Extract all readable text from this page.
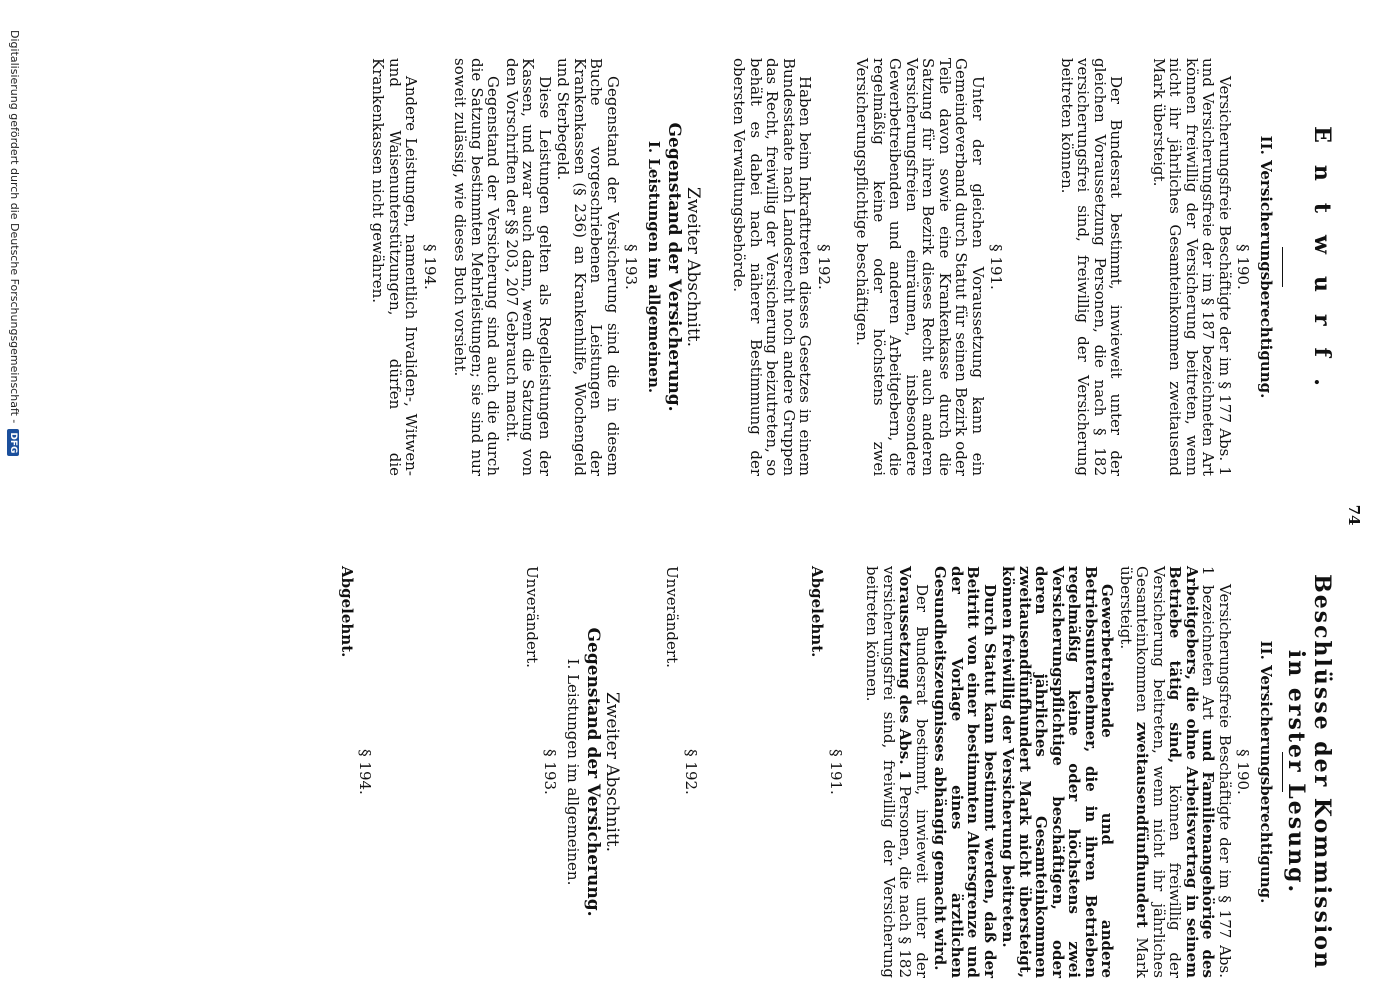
Entwurf.
74
Beschlüsse der Kommission in erster Lesung.

II. Versicherungsberechtigung.

§ 190.

Versicherungsfreie Beschäftigte der im § 177 Abs. 1 und Versicherungsfreie der im § 187 bezeichneten Art können freiwillig der Versicherung beitreten, wenn nicht ihr jährliches Gesamteinkommen zweitausend Mark übersteigt.

Der Bundesrat bestimmt, inwieweit unter der gleichen Voraussetzung Personen, die nach § 182 versicherungsfrei sind, freiwillig der Versicherung beitreten können.

§ 191.

Unter der gleichen Voraussetzung kann ein Gemeindeverband durch Statut für seinen Bezirk oder Teile davon sowie eine Krankenkasse durch die Satzung für ihren Bezirk dieses Recht auch anderen Versicherungsfreien einräumen, insbesondere Gewerbetreibenden und anderen Arbeitgebern, die regelmäßig keine oder höchstens zwei Versicherungspflichtige beschäftigen.

§ 192.

Haben beim Inkrafttreten dieses Gesetzes in einem Bundesstaate nach Landesrecht noch andere Gruppen das Recht, freiwillig der Versicherung beizutreten, so behält es dabei nach näherer Bestimmung der obersten Verwaltungsbehörde.

Zweiter Abschnitt.

Gegenstand der Versicherung.

I. Leistungen im allgemeinen.

§ 193.

Gegenstand der Versicherung sind die in diesem Buche vorgeschriebenen Leistungen der Krankenkassen (§ 236) an Krankenhilfe, Wochengeld und Sterbegeld.

Diese Leistungen gelten als Regelleistungen der Kassen, und zwar auch dann, wenn die Satzung von den Vorschriften der §§ 203, 207 Gebrauch macht.

Gegenstand der Versicherung sind auch die durch die Satzung bestimmten Mehrleistungen; sie sind nur soweit zulässig, wie dieses Buch vorsieht.

§ 194.

Andere Leistungen, namentlich Invaliden-, Witwen- und Waisenunterstützungen, dürfen die Krankenkassen nicht gewähren.

II. Versicherungsberechtigung.

§ 190.

Versicherungsfreie Beschäftigte der im § 177 Abs. 1 bezeichneten Art und Familienangehörige des Arbeitgebers, die ohne Arbeitsvertrag in seinem Betriebe tätig sind, können freiwillig der Versicherung beitreten, wenn nicht ihr jährliches Gesamteinkommen zweitausendfünfhundert Mark übersteigt.

Gewerbetreibende und andere Betriebsunternehmer, die in ihren Betrieben regelmäßig keine oder höchstens zwei Versicherungspflichtige beschäftigen, oder deren jährliches Gesamteinkommen zweitausendfünfhundert Mark nicht übersteigt, können freiwillig der Versicherung beitreten.

Durch Statut kann bestimmt werden, daß der Beitritt von einer bestimmten Altersgrenze und der Vorlage eines ärztlichen Gesundheitszeugnisses abhängig gemacht wird.

Der Bundesrat bestimmt, inwieweit unter der Voraussetzung des Abs. 1 Personen, die nach § 182 versicherungsfrei sind, freiwillig der Versicherung beitreten können.

§ 191.

Abgelehnt.

§ 192.

Unverändert.

Zweiter Abschnitt.

Gegenstand der Versicherung.

I. Leistungen im allgemeinen.

§ 193.

Unverändert.

§ 194.

Abgelehnt.

Digitalisierung gefördert durch die Deutsche Forschungsgemeinschaft -DFG
